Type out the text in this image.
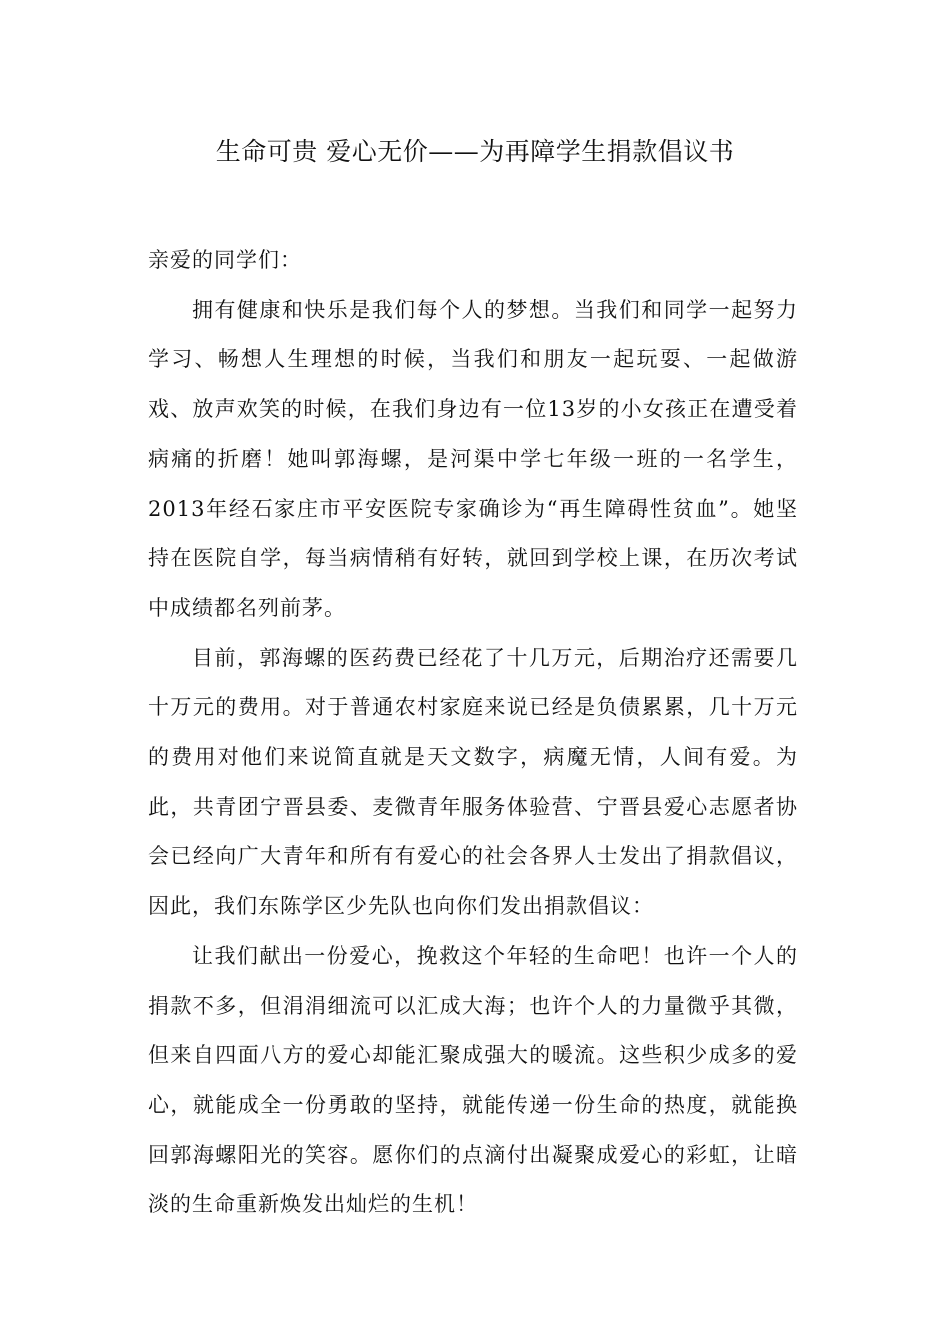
生命可贵 爱心无价——为再障学生捐款倡议书

亲爱的同学们：

拥有健康和快乐是我们每个人的梦想。当我们和同学一起努力学习、畅想人生理想的时候，当我们和朋友一起玩耍、一起做游戏、放声欢笑的时候，在我们身边有一位13岁的小女孩正在遭受着病痛的折磨！她叫郭海螺，是河渠中学七年级一班的一名学生，2013年经石家庄市平安医院专家确诊为“再生障碍性贫血”。她坚持在医院自学，每当病情稍有好转，就回到学校上课，在历次考试中成绩都名列前茅。

目前，郭海螺的医药费已经花了十几万元，后期治疗还需要几十万元的费用。对于普通农村家庭来说已经是负债累累，几十万元的费用对他们来说简直就是天文数字，病魔无情，人间有爱。为此，共青团宁晋县委、麦微青年服务体验营、宁晋县爱心志愿者协会已经向广大青年和所有有爱心的社会各界人士发出了捐款倡议，因此，我们东陈学区少先队也向你们发出捐款倡议：

让我们献出一份爱心，挽救这个年轻的生命吧！也许一个人的捐款不多，但涓涓细流可以汇成大海；也许个人的力量微乎其微，但来自四面八方的爱心却能汇聚成强大的暖流。这些积少成多的爱心，就能成全一份勇敢的坚持，就能传递一份生命的热度，就能换回郭海螺阳光的笑容。愿你们的点滴付出凝聚成爱心的彩虹，让暗淡的生命重新焕发出灿烂的生机！
